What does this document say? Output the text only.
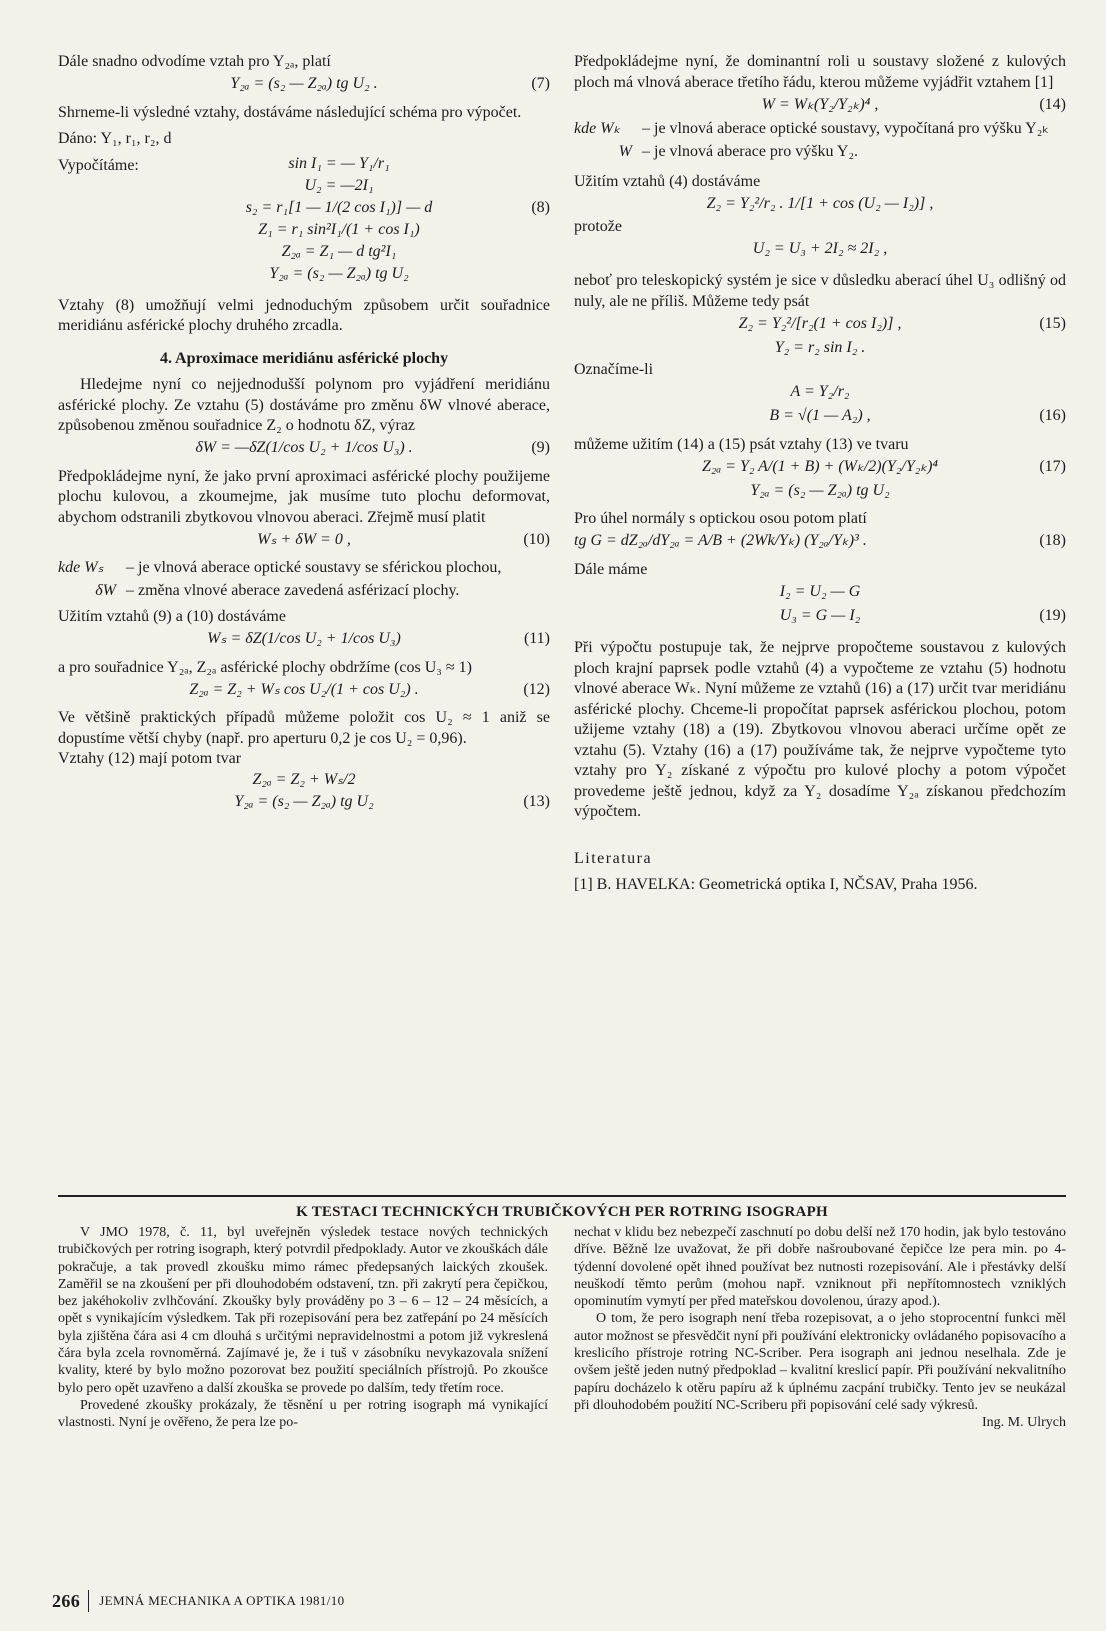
Dále snadno odvodíme vztah pro Y₂ₐ, platí

Y₂ₐ = (s₂ — Z₂ₐ) tg U₂ .	(7)

Shrneme-li výsledné vztahy, dostáváme následující schéma pro výpočet.

Dáno: Y₁, r₁, r₂, d

Vypočítáme:	sin I₁ = — Y₁/r₁
U₂ = —2I₁
s₂ = r₁[1 — 1/(2 cos I₁)] — d	(8)
Z₁ = r₁ sin²I₁/(1 + cos I₁)
Z₂ₐ = Z₁ — d tg²I₁
Y₂ₐ = (s₂ — Z₂ₐ) tg U₂

Vztahy (8) umožňují velmi jednoduchým způsobem určit souřadnice meridiánu asférické plochy druhého zrcadla.

4. Aproximace meridiánu asférické plochy

Hledejme nyní co nejjednodušší polynom pro vyjádření meridiánu asférické plochy. Ze vztahu (5) dostáváme pro změnu δW vlnové aberace, způsobenou změnou souřadnice Z₂ o hodnotu δZ, výraz

δW = —δZ(1/cos U₂ + 1/cos U₃) .	(9)

Předpokládejme nyní, že jako první aproximaci asférické plochy použijeme plochu kulovou, a zkoumejme, jak musíme tuto plochu deformovat, abychom odstranili zbytkovou vlnovou aberaci. Zřejmě musí platit

Wₛ + δW = 0 ,	(10)
kde Wₛ	– je vlnová aberace optické soustavy se sférickou plochou,
δW – změna vlnové aberace zavedená asférizací plochy.

Užitím vztahů (9) a (10) dostáváme

Wₛ = δZ(1/cos U₂ + 1/cos U₃)	(11)

a pro souřadnice Y₂ₐ, Z₂ₐ asférické plochy obdržíme (cos U₃ ≈ 1)

Z₂ₐ = Z₂ + Wₛ cos U₂/(1 + cos U₂) .	(12)

Ve většině praktických případů můžeme položit cos U₂ ≈ 1 aniž se dopustíme větší chyby (např. pro aperturu 0,2 je cos U₂ = 0,96).

Vztahy (12) mají potom tvar

Z₂ₐ = Z₂ + Wₛ/2
Y₂ₐ = (s₂ — Z₂ₐ) tg U₂	(13)

Předpokládejme nyní, že dominantní roli u soustavy složené z kulových ploch má vlnová aberace třetího řádu, kterou můžeme vyjádřit vztahem [1]

W = Wₖ(Y₂/Y₂ₖ)⁴ ,	(14)
kde Wₖ	– je vlnová aberace optické soustavy, vypočítaná pro výšku Y₂ₖ
W – je vlnová aberace pro výšku Y₂.

Užitím vztahů (4) dostáváme

Z₂ = Y₂²/r₂ . 1/[1 + cos (U₂ — I₂)] ,

protože

U₂ = U₃ + 2I₂ ≈ 2I₂ ,

neboť pro teleskopický systém je sice v důsledku aberací úhel U₃ odlišný od nuly, ale ne příliš. Můžeme tedy psát

Z₂ = Y₂²/[r₂(1 + cos I₂)] ,	(15)
Y₂ = r₂ sin I₂ .

Označíme-li

A = Y₂/r₂
B = √(1 — A₂) ,	(16)

můžeme užitím (14) a (15) psát vztahy (13) ve tvaru

Z₂ₐ = Y₂ A/(1 + B) + (Wₖ/2)(Y₂/Y₂ₖ)⁴	(17)
Y₂ₐ = (s₂ — Z₂ₐ) tg U₂

Pro úhel normály s optickou osou potom platí

tg G = dZ₂ₐ/dY₂ₐ = A/B + (2Wk/Yₖ) (Y₂ₐ/Yₖ)³ .	(18)

Dále máme

I₂ = U₂ — G
U₃ = G — I₂	(19)

Při výpočtu postupuje tak, že nejprve propočteme soustavou z kulových ploch krajní paprsek podle vztahů (4) a vypočteme ze vztahu (5) hodnotu vlnové aberace Wₖ. Nyní můžeme ze vztahů (16) a (17) určit tvar meridiánu asférické plochy. Chceme-li propočítat paprsek asférickou plochou, potom užijeme vztahy (18) a (19). Zbytkovou vlnovou aberaci určíme opět ze vztahu (5). Vztahy (16) a (17) používáme tak, že nejprve vypočteme tyto vztahy pro Y₂ získané z výpočtu pro kulové plochy a potom výpočet provedeme ještě jednou, když za Y₂ dosadíme Y₂ₐ získanou předchozím výpočtem.

Literatura

[1] B. HAVELKA: Geometrická optika I, NČSAV, Praha 1956.

K TESTACI TECHNICKÝCH TRUBIČKOVÝCH PER ROTRING ISOGRAPH

V JMO 1978, č. 11, byl uveřejněn výsledek testace nových technických trubičkových per rotring isograph, který potvrdil předpoklady. Autor ve zkouškách dále pokračuje, a tak provedl zkoušku mimo rámec předepsaných laických zkoušek. Zaměřil se na zkoušení per při dlouhodobém odstavení, tzn. při zakrytí pera čepičkou, bez jakéhokoliv zvlhčování. Zkoušky byly prováděny po 3 – 6 – 12 – 24 měsících, a opět s vynikajícím výsledkem. Tak při rozepisování pera bez zatřepání po 24 měsících byla zjištěna čára asi 4 cm dlouhá s určitými nepravidelnostmi a potom již vykreslená čára byla zcela rovnoměrná. Zajímavé je, že i tuš v zásobníku nevykazovala snížení kvality, které by bylo možno pozorovat bez použití speciálních přístrojů. Po zkoušce bylo pero opět uzavřeno a další zkouška se provede po dalším, tedy třetím roce.

Provedené zkoušky prokázaly, že těsnění u per rotring isograph má vynikající vlastnosti. Nyní je ověřeno, že pera lze po-

nechat v klidu bez nebezpečí zaschnutí po dobu delší než 170 hodin, jak bylo testováno dříve. Běžně lze uvažovat, že při dobře našroubované čepičce lze pera min. po 4-týdenní dovolené opět ihned používat bez nutnosti rozepisování. Ale i přestávky delší neuškodí těmto perům (mohou např. vzniknout při nepřítomnostech vzniklých opominutím vymytí per před mateřskou dovolenou, úrazy apod.).

O tom, že pero isograph není třeba rozepisovat, a o jeho stoprocentní funkci měl autor možnost se přesvědčit nyní při používání elektronicky ovládaného popisovacího a kreslicího přístroje rotring NC-Scriber. Pera isograph ani jednou neselhala. Zde je ovšem ještě jeden nutný předpoklad – kvalitní kreslicí papír. Při používání nekvalitního papíru docházelo k otěru papíru až k úplnému zacpání trubičky. Tento jev se neukázal při dlouhodobém použití NC-Scriberu při popisování celé sady výkresů.

Ing. M. Ulrych

266 JEMNÁ MECHANIKA A OPTIKA 1981/10
